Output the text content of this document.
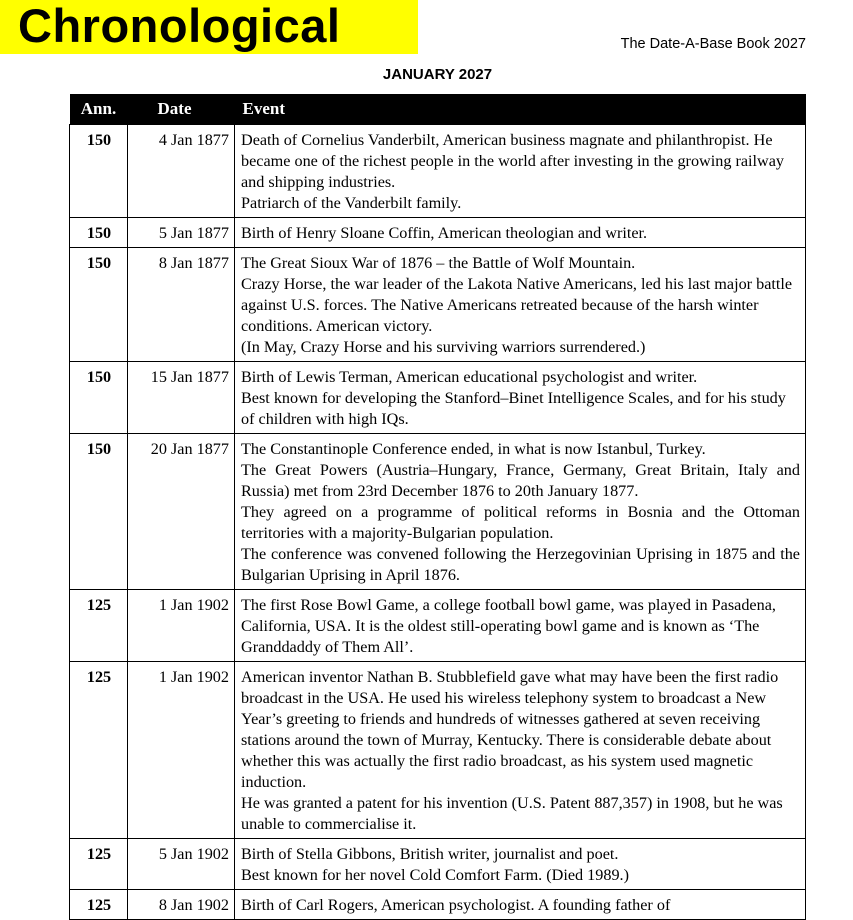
Chronological	The Date-A-Base Book 2027
JANUARY 2027
Ann.	Date	Event
150	4 Jan 1877	Death of Cornelius Vanderbilt, American business magnate and philanthropist. He became one of the richest people in the world after investing in the growing railway and shipping industries.
Patriarch of the Vanderbilt family.

150	5 Jan 1877	Birth of Henry Sloane Coffin, American theologian and writer.

150	8 Jan 1877	The Great Sioux War of 1876 – the Battle of Wolf Mountain.
Crazy Horse, the war leader of the Lakota Native Americans, led his last major battle against U.S. forces. The Native Americans retreated because of the harsh winter conditions. American victory.
(In May, Crazy Horse and his surviving warriors surrendered.)

150	15 Jan 1877	Birth of Lewis Terman, American educational psychologist and writer.
Best known for developing the Stanford–Binet Intelligence Scales, and for his study of children with high IQs.

150	20 Jan 1877	The Constantinople Conference ended, in what is now Istanbul, Turkey.
The Great Powers (Austria–Hungary, France, Germany, Great Britain, Italy and Russia) met from 23rd December 1876 to 20th January 1877.
They agreed on a programme of political reforms in Bosnia and the Ottoman territories with a majority-Bulgarian population.
The conference was convened following the Herzegovinian Uprising in 1875 and the Bulgarian Uprising in April 1876.

125	1 Jan 1902	The first Rose Bowl Game, a college football bowl game, was played in Pasadena, California, USA. It is the oldest still-operating bowl game and is known as ‘The Granddaddy of Them All’.

125	1 Jan 1902	American inventor Nathan B. Stubblefield gave what may have been the first radio broadcast in the USA. He used his wireless telephony system to broadcast a New Year’s greeting to friends and hundreds of witnesses gathered at seven receiving stations around the town of Murray, Kentucky. There is considerable debate about whether this was actually the first radio broadcast, as his system used magnetic induction.
He was granted a patent for his invention (U.S. Patent 887,357) in 1908, but he was unable to commercialise it.

125	5 Jan 1902	Birth of Stella Gibbons, British writer, journalist and poet.
Best known for her novel Cold Comfort Farm. (Died 1989.)

125	8 Jan 1902	Birth of Carl Rogers, American psychologist. A founding father of
